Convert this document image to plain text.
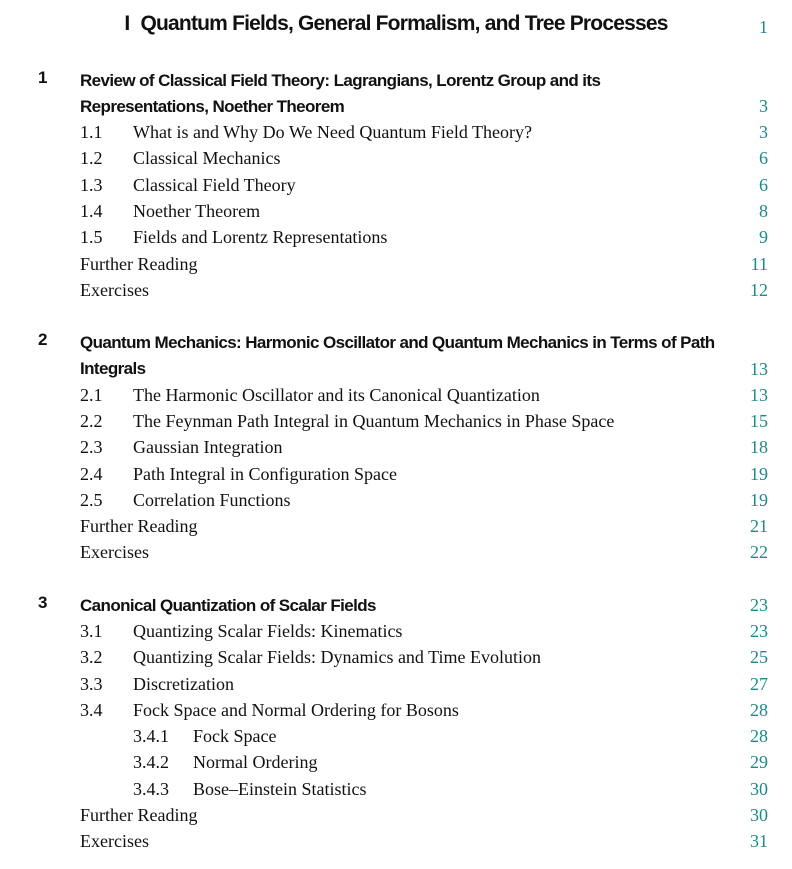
I Quantum Fields, General Formalism, and Tree Processes	1
1 Review of Classical Field Theory: Lagrangians, Lorentz Group and its Representations, Noether Theorem	3
1.1 What is and Why Do We Need Quantum Field Theory?	3
1.2 Classical Mechanics	6
1.3 Classical Field Theory	6
1.4 Noether Theorem	8
1.5 Fields and Lorentz Representations	9
Further Reading	11
Exercises	12
2 Quantum Mechanics: Harmonic Oscillator and Quantum Mechanics in Terms of Path Integrals	13
2.1 The Harmonic Oscillator and its Canonical Quantization	13
2.2 The Feynman Path Integral in Quantum Mechanics in Phase Space	15
2.3 Gaussian Integration	18
2.4 Path Integral in Configuration Space	19
2.5 Correlation Functions	19
Further Reading	21
Exercises	22
3 Canonical Quantization of Scalar Fields	23
3.1 Quantizing Scalar Fields: Kinematics	23
3.2 Quantizing Scalar Fields: Dynamics and Time Evolution	25
3.3 Discretization	27
3.4 Fock Space and Normal Ordering for Bosons	28
3.4.1 Fock Space	28
3.4.2 Normal Ordering	29
3.4.3 Bose–Einstein Statistics	30
Further Reading	30
Exercises	31
